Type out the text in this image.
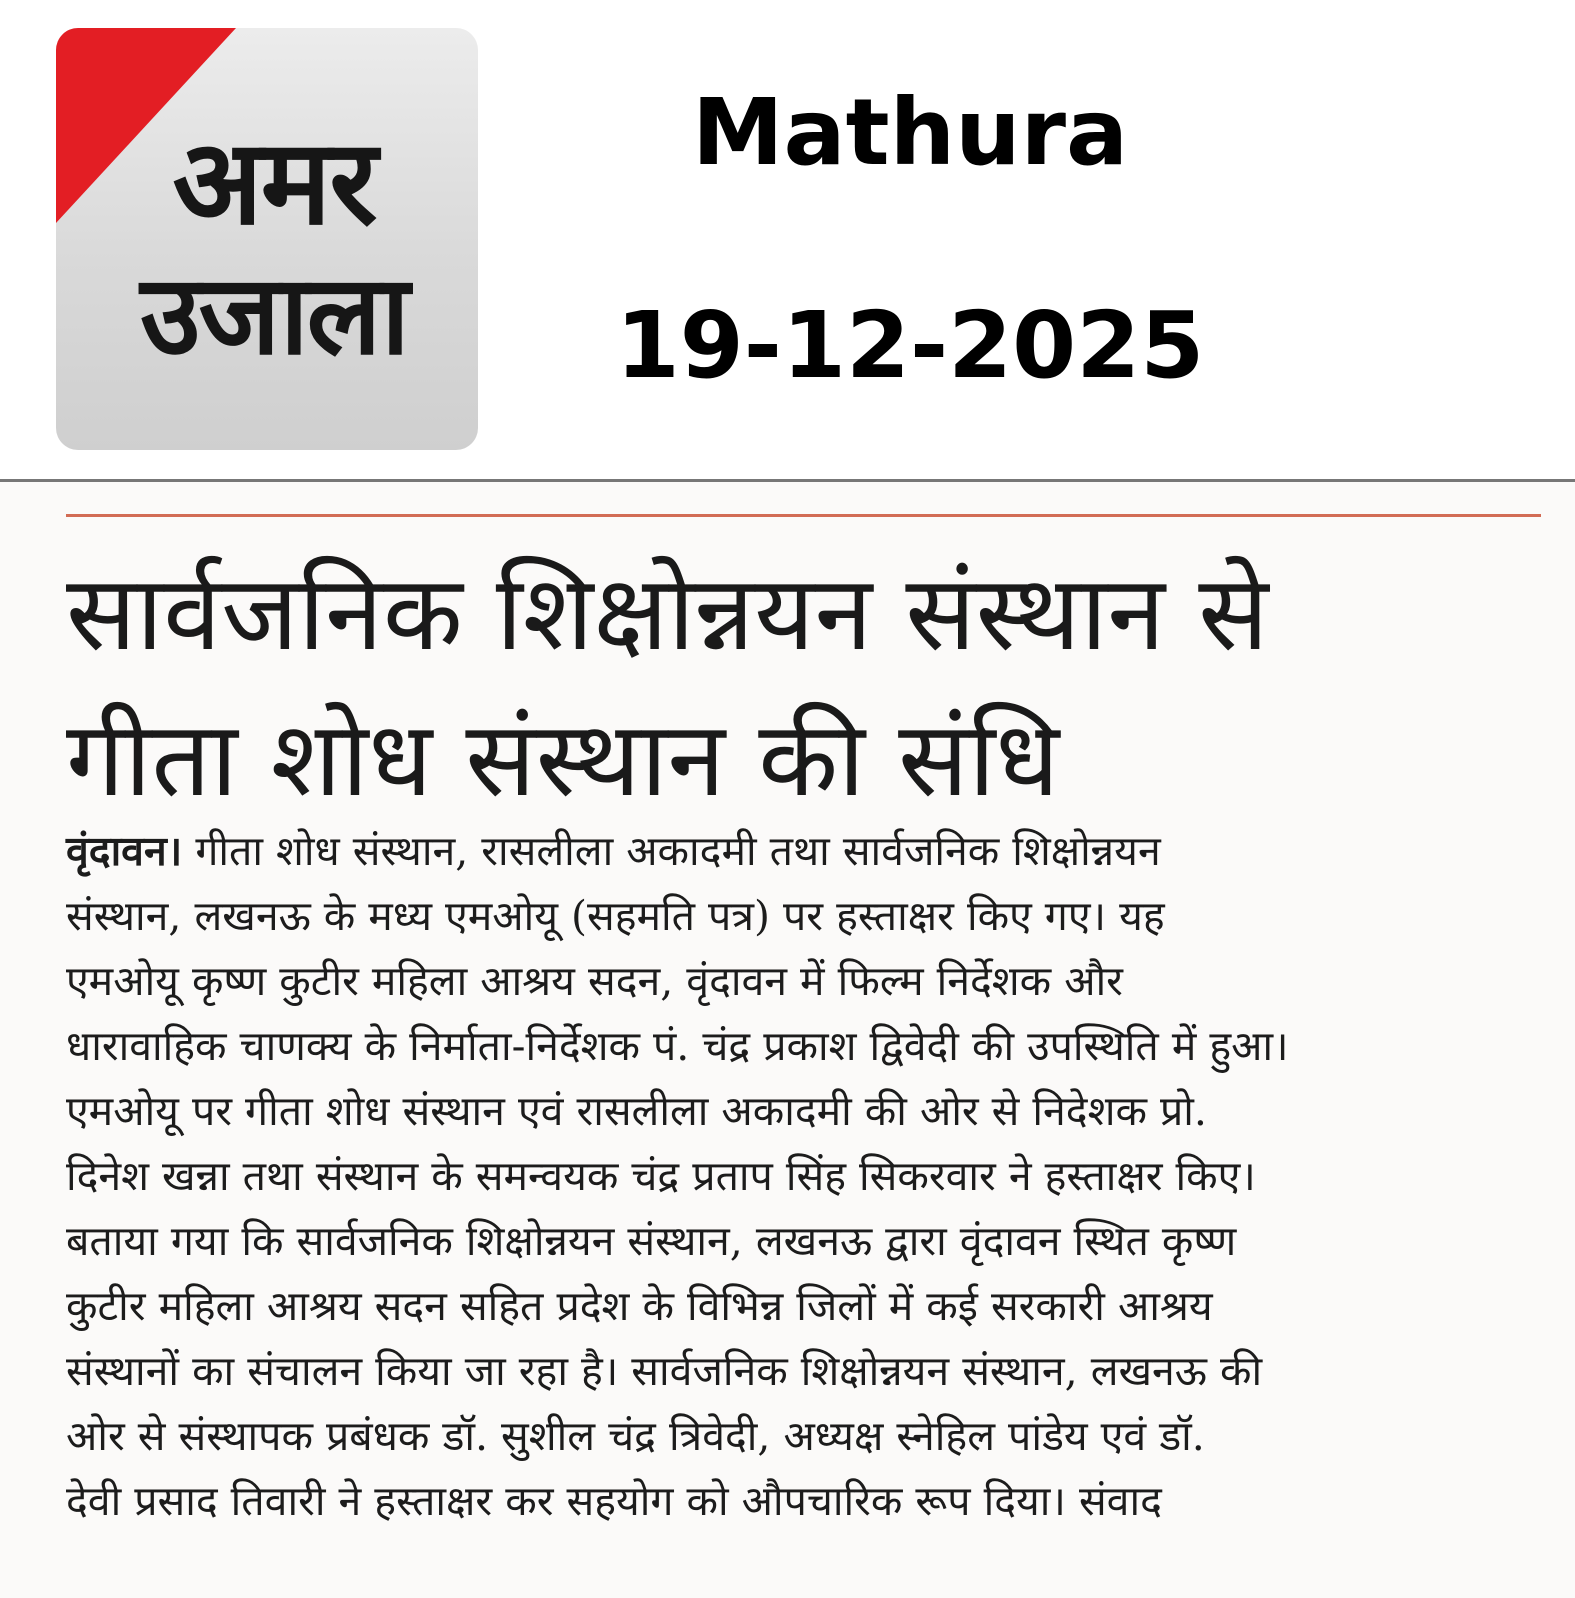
अमर
उजाला
Mathura
19-12-2025
सार्वजनिक शिक्षोन्नयन संस्थान से
गीता शोध संस्थान की संधि

वृंदावन। गीता शोध संस्थान, रासलीला अकादमी तथा सार्वजनिक शिक्षोन्नयन
संस्थान, लखनऊ के मध्य एमओयू (सहमति पत्र) पर हस्ताक्षर किए गए। यह
एमओयू कृष्ण कुटीर महिला आश्रय सदन, वृंदावन में फिल्म निर्देशक और
धारावाहिक चाणक्य के निर्माता-निर्देशक पं. चंद्र प्रकाश द्विवेदी की उपस्थिति में हुआ।
एमओयू पर गीता शोध संस्थान एवं रासलीला अकादमी की ओर से निदेशक प्रो.
दिनेश खन्ना तथा संस्थान के समन्वयक चंद्र प्रताप सिंह सिकरवार ने हस्ताक्षर किए।
बताया गया कि सार्वजनिक शिक्षोन्नयन संस्थान, लखनऊ द्वारा वृंदावन स्थित कृष्ण
कुटीर महिला आश्रय सदन सहित प्रदेश के विभिन्न जिलों में कई सरकारी आश्रय
संस्थानों का संचालन किया जा रहा है। सार्वजनिक शिक्षोन्नयन संस्थान, लखनऊ की
ओर से संस्थापक प्रबंधक डॉ. सुशील चंद्र त्रिवेदी, अध्यक्ष स्नेहिल पांडेय एवं डॉ.
देवी प्रसाद तिवारी ने हस्ताक्षर कर सहयोग को औपचारिक रूप दिया। संवाद
